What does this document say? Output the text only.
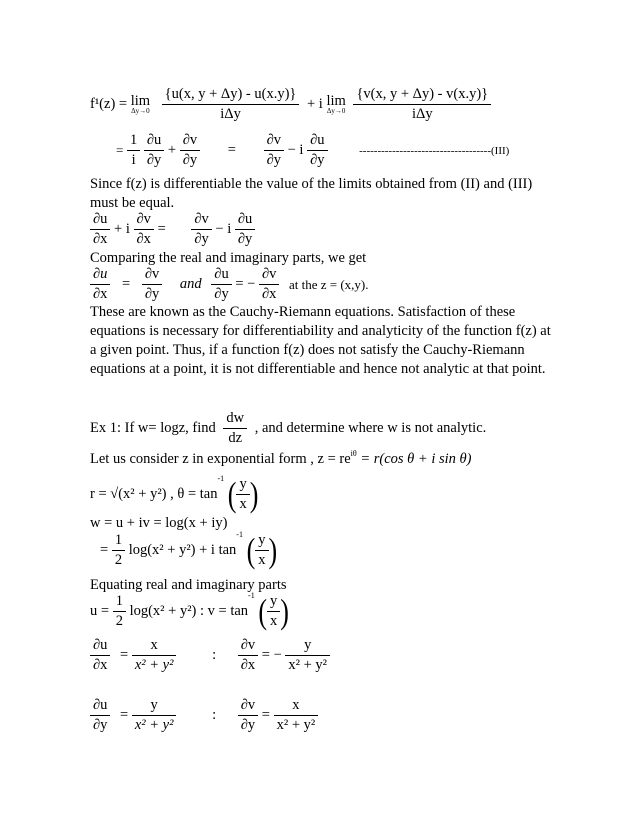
f¹(z) = lim
Δy→0
$\frac{\{u(x, y + \Delta y) - u(x.y)\}}{\text{iΔy}} + i$ lim
Δy→0
$\frac{\{v(x, y + \Delta y) - v(x.y)\}}{\text{iΔy}}$
= $\frac{1}{i}$
$\frac{\partial u}{\partial y} + \frac{\partial v}{\partial y} = \frac{\partial v}{\partial y} - i \frac{\partial u}{\partial y}$	------------------------------------(III)
Since f(z) is differentiable the value of the limits obtained from (II) and (III) must be equal.
$\frac{\partial u}{\partial x} + i \frac{\partial v}{\partial x} = \frac{\partial v}{\partial y} - i \frac{\partial u}{\partial y}$
Comparing the real and imaginary parts, we get
$\frac{\partial u}{\partial x} = \frac{\partial v}{\partial y}$ and $\frac{\partial u}{\partial y}$ = − $\frac{\partial v}{\partial x}$ at the z = (x,y).
These are known as the Cauchy-Riemann equations. Satisfaction of these equations is necessary for differentiability and analyticity of the function f(z) at a given point. Thus, if a function f(z) does not satisfy the Cauchy-Riemann equations at a point, it is not differentiable and hence not analytic at that point.
Ex 1: If w= logz, find $\frac{dw}{dz}$ , and determine where w is not analytic.
Let us consider z in exponential form , $z = re^{i\theta} = r(\cos$ θ + i sin θ)
r = √(x² + y²) , $\theta = \tan^{-1}$ ( $\frac{y}{x}$ )
w = u + iv = log(x + iy)
= $\frac{1}{2} \log(x^2 + y^2) + i$ $\tan^{-1}$ ( $\frac{y}{x}$ )
Equating real and imaginary parts
$u = \frac{1}{2} \log(x^2 + y^2)$ : $v = \tan^{-1}$ ( $\frac{y}{x}$ )
$\frac{\partial u}{\partial x} = \frac{x}{\text{x² + y²}}$ : $\frac{\partial v}{\partial x}$ = − $\frac{y}{\text{x² + y²}}$
$\frac{\partial u}{\partial y} = \frac{y}{\text{x² + y²}}$ : $\frac{\partial v}{\partial y} = \frac{x}{\text{x² + y²}}$
